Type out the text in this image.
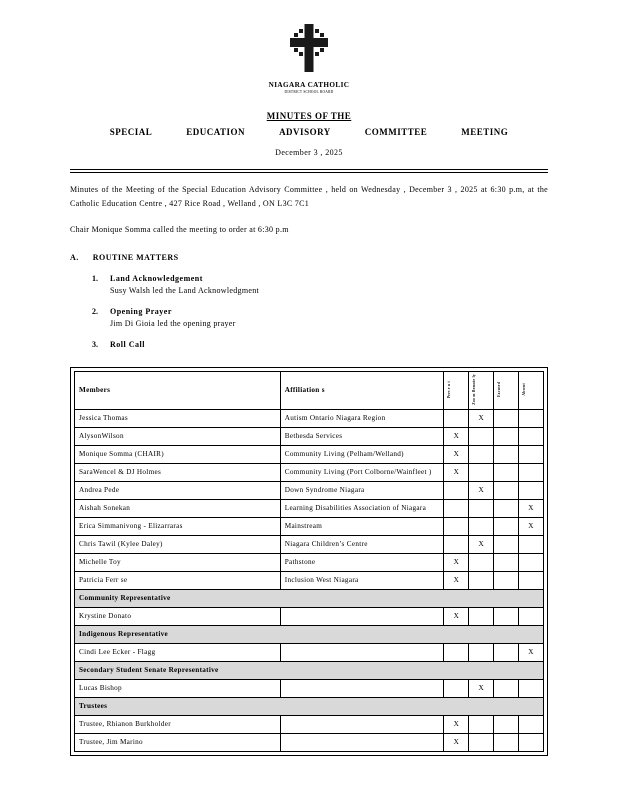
NIAGARA CATHOLIC
DISTRICT SCHOOL BOARD
MINUTES OF THE
SPECIAL	EDUCATION	ADVISORY	COMMITTEE	MEETING
December 3 , 2025
Minutes of the Meeting of the Special Education Advisory Committee , held on Wednesday , December 3 , 2025 at 6:30 p.m, at the Catholic Education Centre , 427 Rice Road , Welland , ON L3C 7C1
Chair Monique Somma called the meeting to order at 6:30 p.m
A. ROUTINE MATTERS
1. Land Acknowledgement
Susy Walsh led the Land Acknowledgment
2. Opening Prayer
Jim Di Gioia led the opening prayer
3. Roll Call
Members	Affiliation s	Pres e n t	Zoo m Remote ly	Excused	Absent
Jessica Thomas	Autism Ontario Niagara Region		X		
AlysonWilson	Bethesda Services	X			
Monique Somma (CHAIR)	Community Living (Pelham/Welland)	X			
SaraWencel & DJ Holmes	Community Living (Port Colborne/Wainfleet )	X			
Andrea Pede	Down Syndrome Niagara		X		
Aishah Sonekan	Learning Disabilities Association of Niagara				X
Erica Simmanivong - Elizarraras	Mainstream				X
Chris Tawil (Kylee Daley)	Niagara Children’s Centre		X		
Michelle Toy	Pathstone	X			
Patricia Ferr se	Inclusion West Niagara	X			
Community Representative					
Krystine Donato		X			
Indigenous Representative					
Cindi Lee Ecker - Flagg					X
Secondary Student Senate Representative					
Lucas Bishop			X		
Trustees					
Trustee, Rhianon Burkholder		X			
Trustee, Jim Marino		X			
